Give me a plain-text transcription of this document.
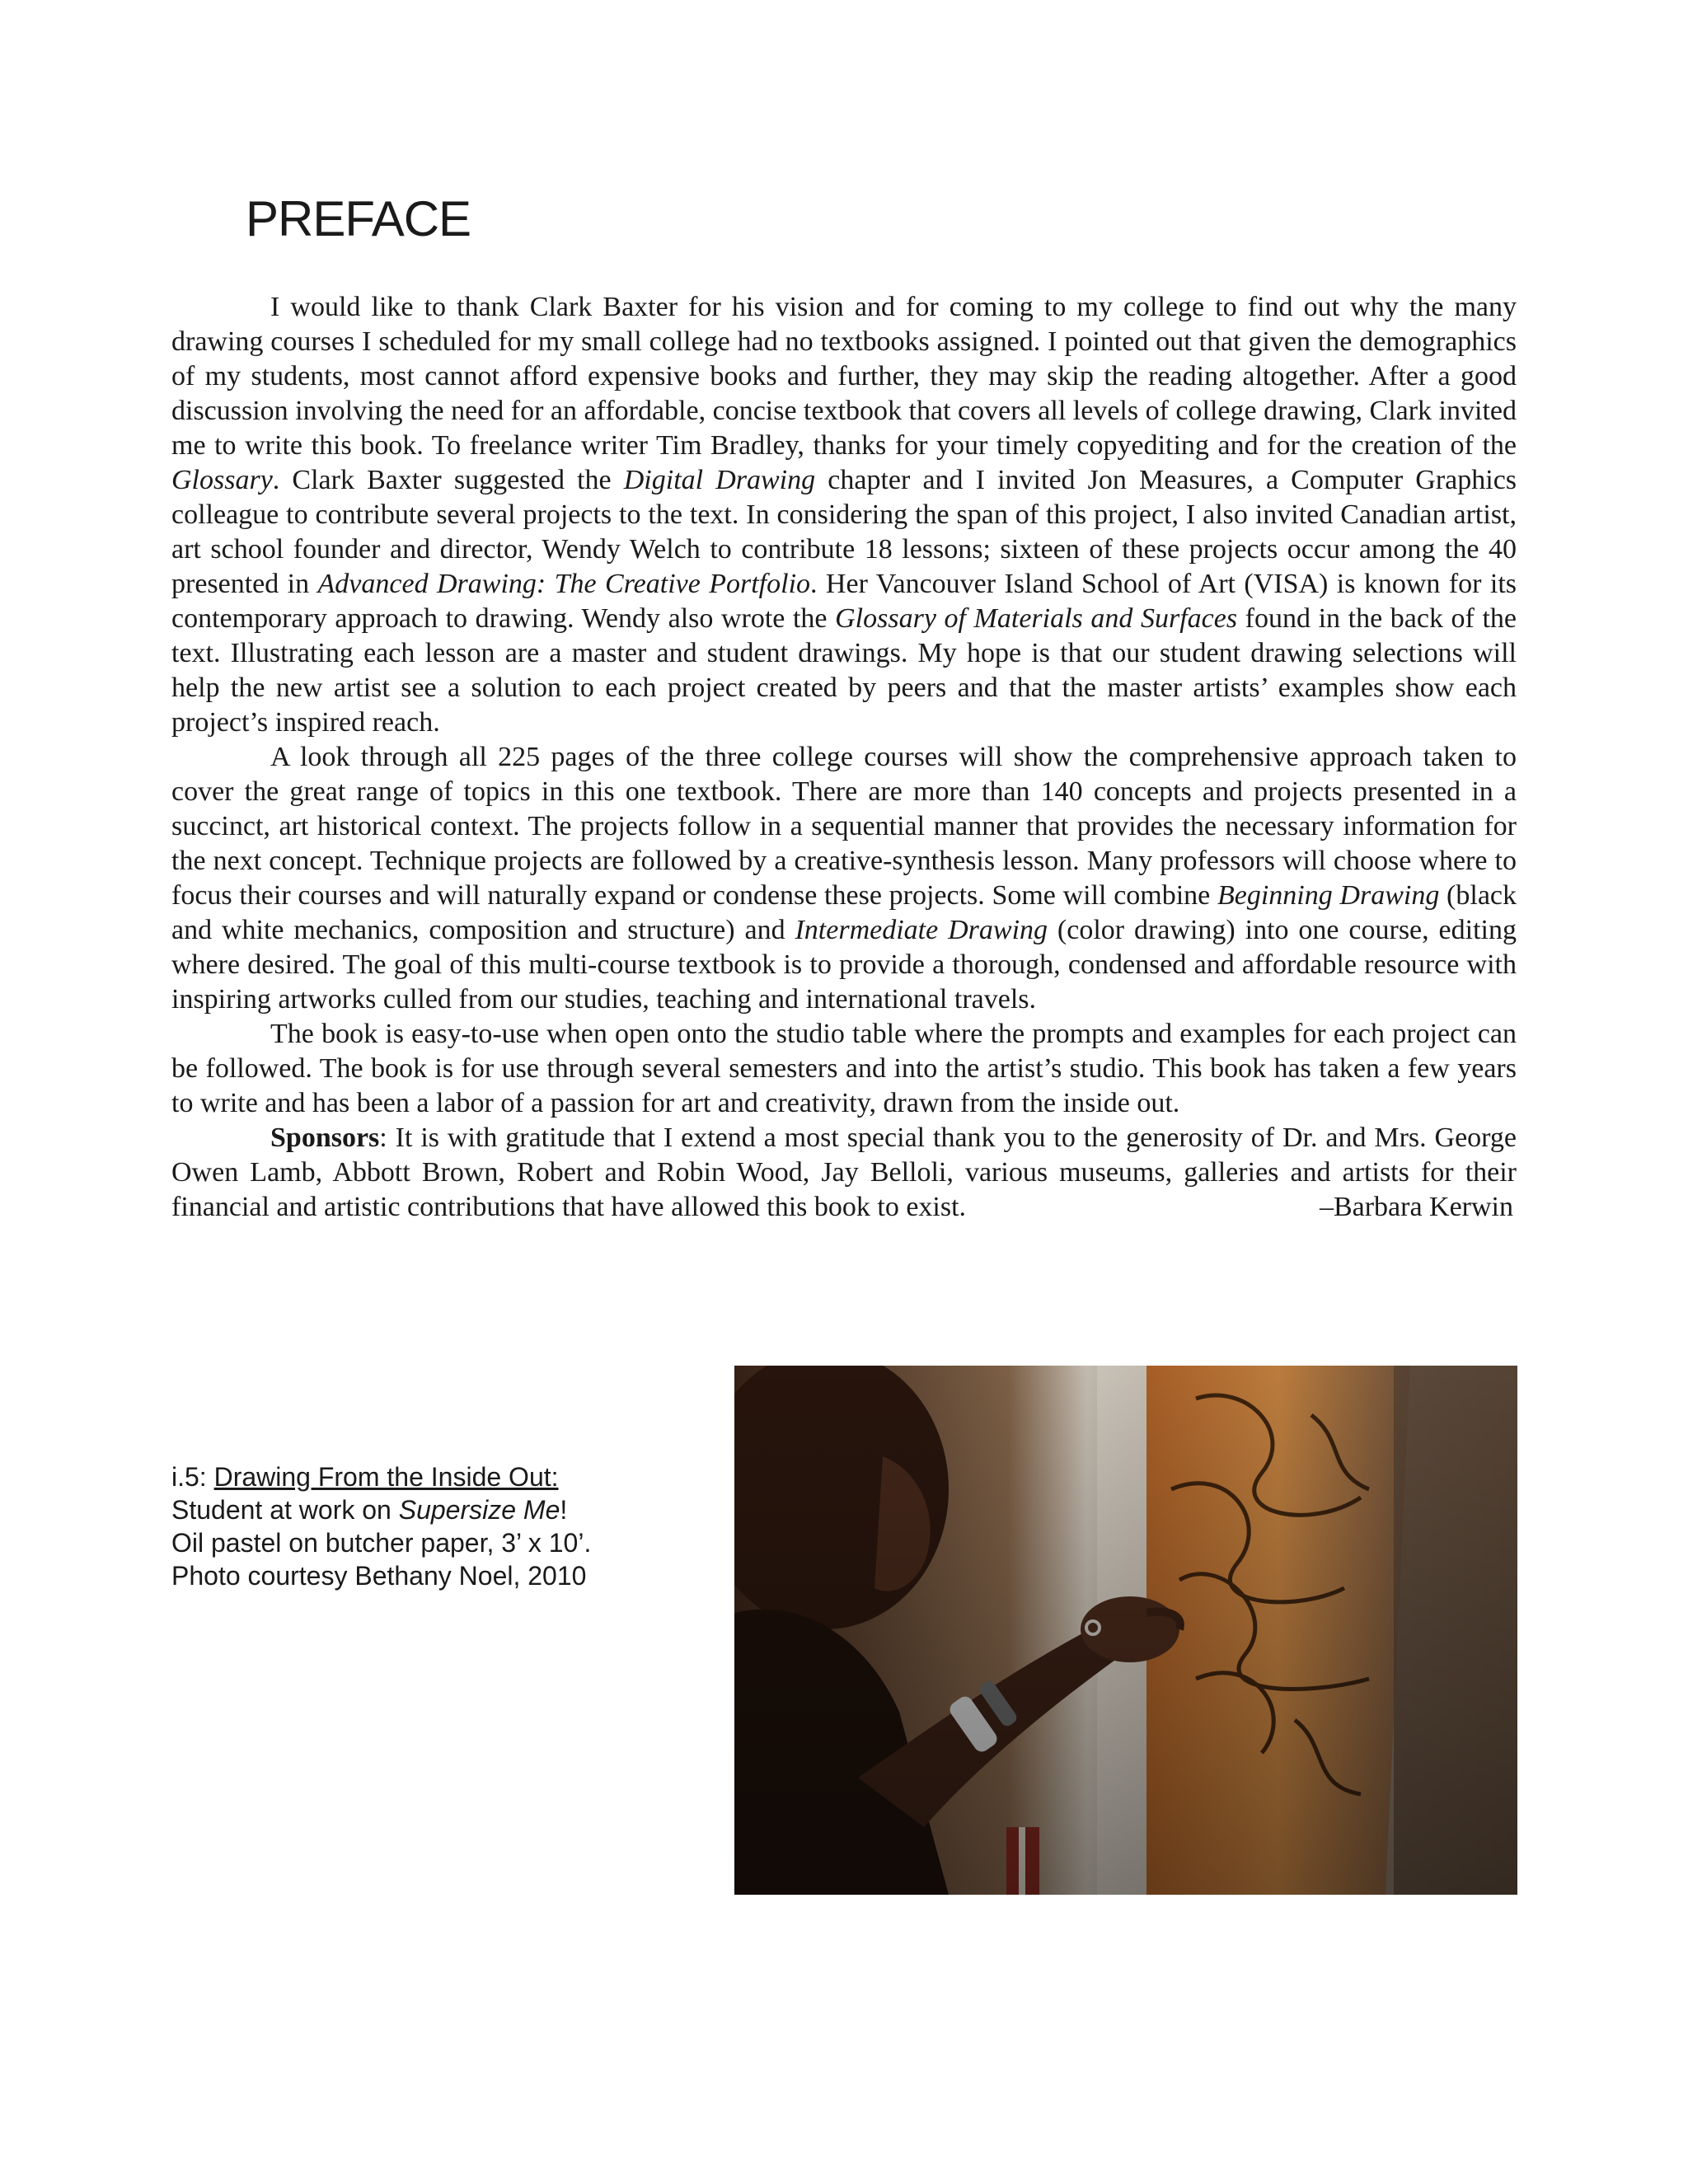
PREFACE

I would like to thank Clark Baxter for his vision and for coming to my college to find out why the many drawing courses I scheduled for my small college had no textbooks assigned. I pointed out that given the demographics of my students, most cannot afford expensive books and further, they may skip the reading altogether. After a good discussion involving the need for an affordable, concise textbook that covers all levels of college drawing, Clark invited me to write this book. To freelance writer Tim Bradley, thanks for your timely copyediting and for the creation of the Glossary. Clark Baxter suggested the Digital Drawing chapter and I invited Jon Measures, a Computer Graphics colleague to contribute several projects to the text. In considering the span of this project, I also invited Canadian artist, art school founder and director, Wendy Welch to contribute 18 lessons; sixteen of these projects occur among the 40 presented in Advanced Drawing: The Creative Portfolio. Her Vancouver Island School of Art (VISA) is known for its contemporary approach to drawing. Wendy also wrote the Glossary of Materials and Surfaces found in the back of the text. Illustrating each lesson are a master and student drawings. My hope is that our student drawing selections will help the new artist see a solution to each project created by peers and that the master artists’ examples show each project’s inspired reach.

A look through all 225 pages of the three college courses will show the comprehensive approach taken to cover the great range of topics in this one textbook. There are more than 140 concepts and projects presented in a succinct, art historical context. The projects follow in a sequential manner that provides the necessary information for the next concept. Technique projects are followed by a creative-synthesis lesson. Many professors will choose where to focus their courses and will naturally expand or condense these projects. Some will combine Beginning Drawing (black and white mechanics, composition and structure) and Intermediate Drawing (color drawing) into one course, editing where desired. The goal of this multi-course textbook is to provide a thorough, condensed and affordable resource with inspiring artworks culled from our studies, teaching and international travels.

The book is easy-to-use when open onto the studio table where the prompts and examples for each project can be followed. The book is for use through several semesters and into the artist’s studio. This book has taken a few years to write and has been a labor of a passion for art and creativity, drawn from the inside out.

Sponsors: It is with gratitude that I extend a most special thank you to the generosity of Dr. and Mrs. George Owen Lamb, Abbott Brown, Robert and Robin Wood, Jay Belloli, various museums, galleries and artists for their financial and artistic contributions that have allowed this book to exist.	–Barbara Kerwin

i.5: Drawing From the Inside Out:
Student at work on Supersize Me!
Oil pastel on butcher paper, 3’ x 10’.
Photo courtesy Bethany Noel, 2010
